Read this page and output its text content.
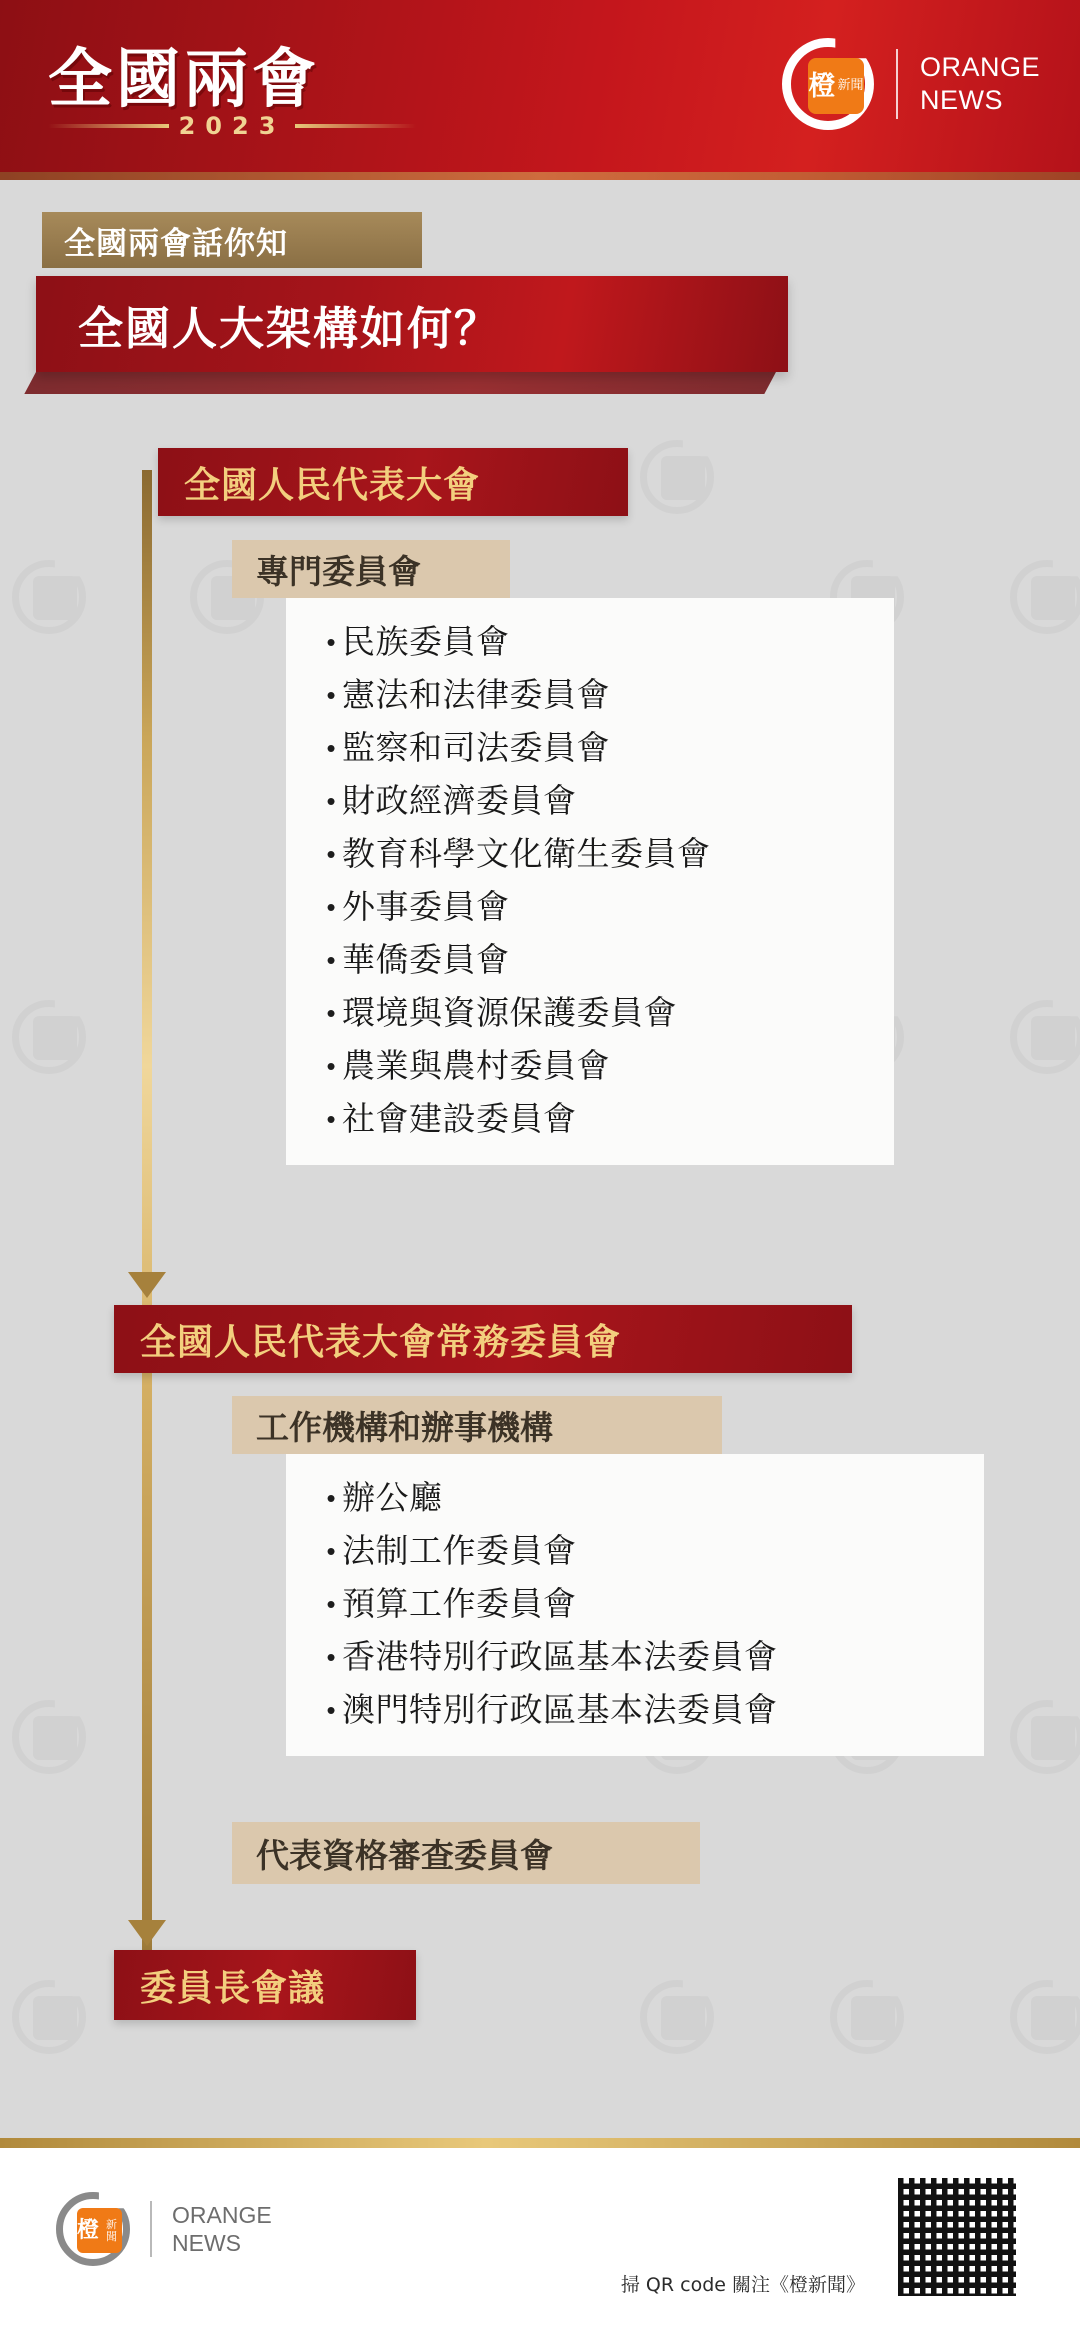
全國兩會
2023
橙 新聞
ORANGE
NEWS
全國兩會話你知
全國人大架構如何？
全國人民代表大會
專門委員會
• 民族委員會
• 憲法和法律委員會
• 監察和司法委員會
• 財政經濟委員會
• 教育科學文化衛生委員會
• 外事委員會
• 華僑委員會
• 環境與資源保護委員會
• 農業與農村委員會
• 社會建設委員會
全國人民代表大會常務委員會
工作機構和辦事機構
• 辦公廳
• 法制工作委員會
• 預算工作委員會
• 香港特別行政區基本法委員會
• 澳門特別行政區基本法委員會
代表資格審查委員會
委員長會議
橙 新聞
ORANGE
NEWS
掃 QR code 關注《橙新聞》
